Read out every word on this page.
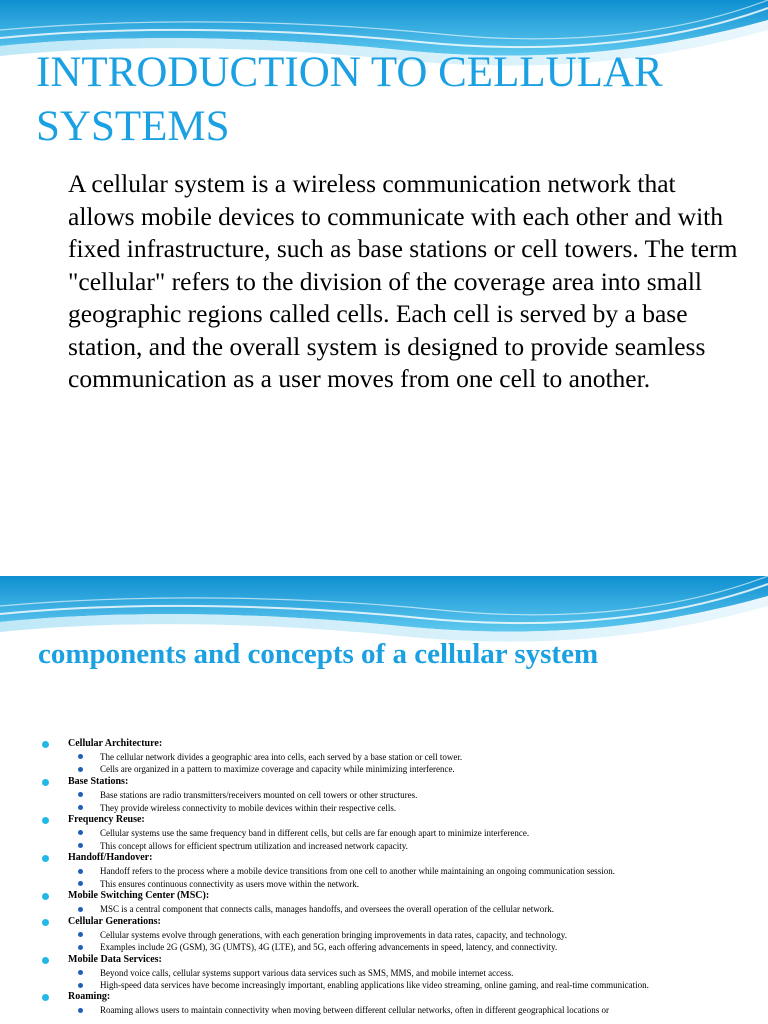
INTRODUCTION TO CELLULAR SYSTEMS

A cellular system is a wireless communication network that allows mobile devices to communicate with each other and with fixed infrastructure, such as base stations or cell towers. The term "cellular" refers to the division of the coverage area into small geographic regions called cells. Each cell is served by a base station, and the overall system is designed to provide seamless communication as a user moves from one cell to another.

components and concepts of a cellular system
Cellular Architecture:
The cellular network divides a geographic area into cells, each served by a base station or cell tower.
Cells are organized in a pattern to maximize coverage and capacity while minimizing interference.
Base Stations:
Base stations are radio transmitters/receivers mounted on cell towers or other structures.
They provide wireless connectivity to mobile devices within their respective cells.
Frequency Reuse:
Cellular systems use the same frequency band in different cells, but cells are far enough apart to minimize interference.
This concept allows for efficient spectrum utilization and increased network capacity.
Handoff/Handover:
Handoff refers to the process where a mobile device transitions from one cell to another while maintaining an ongoing communication session.
This ensures continuous connectivity as users move within the network.
Mobile Switching Center (MSC):
MSC is a central component that connects calls, manages handoffs, and oversees the overall operation of the cellular network.
Cellular Generations:
Cellular systems evolve through generations, with each generation bringing improvements in data rates, capacity, and technology.
Examples include 2G (GSM), 3G (UMTS), 4G (LTE), and 5G, each offering advancements in speed, latency, and connectivity.
Mobile Data Services:
Beyond voice calls, cellular systems support various data services such as SMS, MMS, and mobile internet access.
High-speed data services have become increasingly important, enabling applications like video streaming, online gaming, and real-time communication.
Roaming:
Roaming allows users to maintain connectivity when moving between different cellular networks, often in different geographical locations or
